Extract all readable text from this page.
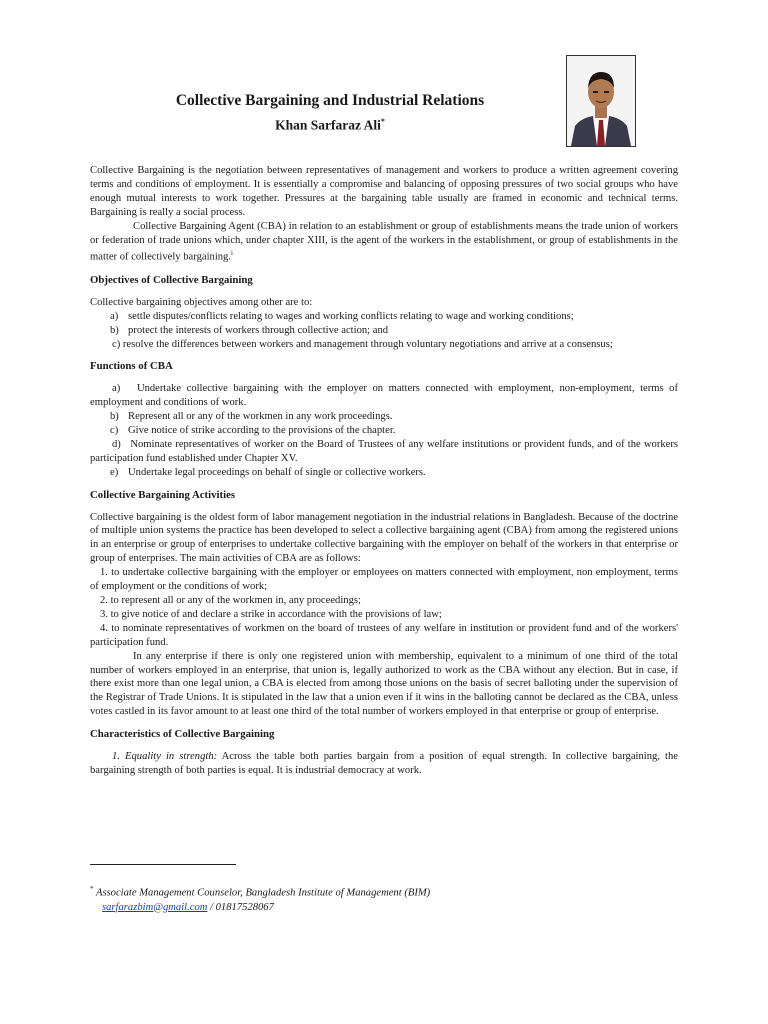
Collective Bargaining and Industrial Relations

Khan Sarfaraz Ali*

Collective Bargaining is the negotiation between representatives of management and workers to produce a written agreement covering terms and conditions of employment. It is essentially a compromise and balancing of opposing pressures of two social groups who have enough mutual interests to work together. Pressures at the bargaining table usually are framed in economic and technical terms. Bargaining is really a social process.

Collective Bargaining Agent (CBA) in relation to an establishment or group of establishments means the trade union of workers or federation of trade unions which, under chapter XIII, is the agent of the workers in the establishment, or group of establishments in the matter of collectively bargaining.$^i$

Objectives of Collective Bargaining

Collective bargaining objectives among other are to:

a) settle disputes/conflicts relating to wages and working conflicts relating to wage and working conditions;

b) protect the interests of workers through collective action; and

c) resolve the differences between workers and management through voluntary negotiations and arrive at a consensus;

Functions of CBA

a) Undertake collective bargaining with the employer on matters connected with employment, non-employment, terms of employment and conditions of work.

b) Represent all or any of the workmen in any work proceedings.

c) Give notice of strike according to the provisions of the chapter.

d) Nominate representatives of worker on the Board of Trustees of any welfare institutions or provident funds, and of the workers participation fund established under Chapter XV.

e) Undertake legal proceedings on behalf of single or collective workers.

Collective Bargaining Activities

Collective bargaining is the oldest form of labor management negotiation in the industrial relations in Bangladesh. Because of the doctrine of multiple union systems the practice has been developed to select a collective bargaining agent (CBA) from among the registered unions in an enterprise or group of enterprises to undertake collective bargaining with the employer on behalf of the workers in that enterprise or group of enterprises. The main activities of CBA are as follows:

1. to undertake collective bargaining with the employer or employees on matters connected with employment, non employment, terms of employment or the conditions of work;

2. to represent all or any of the workmen in, any proceedings;

3. to give notice of and declare a strike in accordance with the provisions of law;

4. to nominate representatives of workmen on the board of trustees of any welfare in institution or provident fund and of the workers' participation fund.

In any enterprise if there is only one registered union with membership, equivalent to a minimum of one third of the total number of workers employed in an enterprise, that union is, legally authorized to work as the CBA without any election. But in case, if there exist more than one legal union, a CBA is elected from among those unions on the basis of secret balloting under the supervision of the Registrar of Trade Unions. It is stipulated in the law that a union even if it wins in the balloting cannot be declared as the CBA, unless votes castled in its favor amount to at least one third of the total number of workers employed in that enterprise or group of enterprise.

Characteristics of Collective Bargaining

1. Equality in strength: Across the table both parties bargain from a position of equal strength. In collective bargaining, the bargaining strength of both parties is equal. It is industrial democracy at work.

* Associate Management Counselor, Bangladesh Institute of Management (BIM)
sarfarazbim@gmail.com / 01817528067
